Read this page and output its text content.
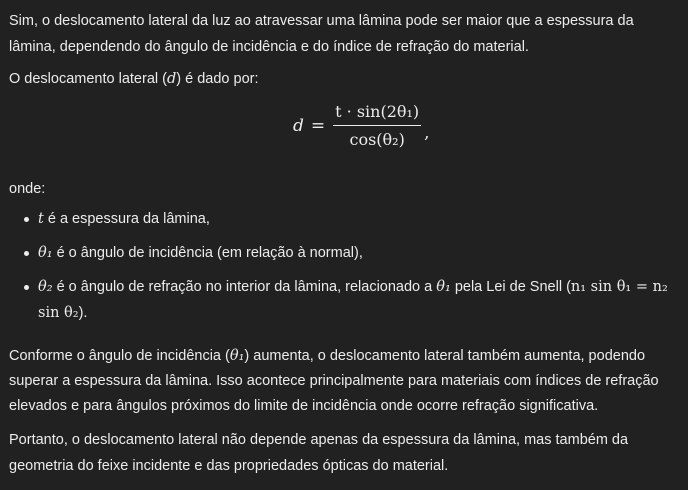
Sim, o deslocamento lateral da luz ao atravessar uma lâmina pode ser maior que a espessura da lâmina, dependendo do ângulo de incidência e do índice de refração do material.

O deslocamento lateral (d) é dado por:

$d = \frac{\text{t · sin(2θ₁)}}{\text{cos(θ₂)}}$ ,

onde:

t é a espessura da lâmina,
θ₁ é o ângulo de incidência (em relação à normal),
θ₂ é o ângulo de refração no interior da lâmina, relacionado a θ₁ pela Lei de Snell (n₁ sin θ₁ = n₂ sin θ₂).

Conforme o ângulo de incidência (θ₁) aumenta, o deslocamento lateral também aumenta, podendo superar a espessura da lâmina. Isso acontece principalmente para materiais com índices de refração elevados e para ângulos próximos do limite de incidência onde ocorre refração significativa.

Portanto, o deslocamento lateral não depende apenas da espessura da lâmina, mas também da geometria do feixe incidente e das propriedades ópticas do material.
